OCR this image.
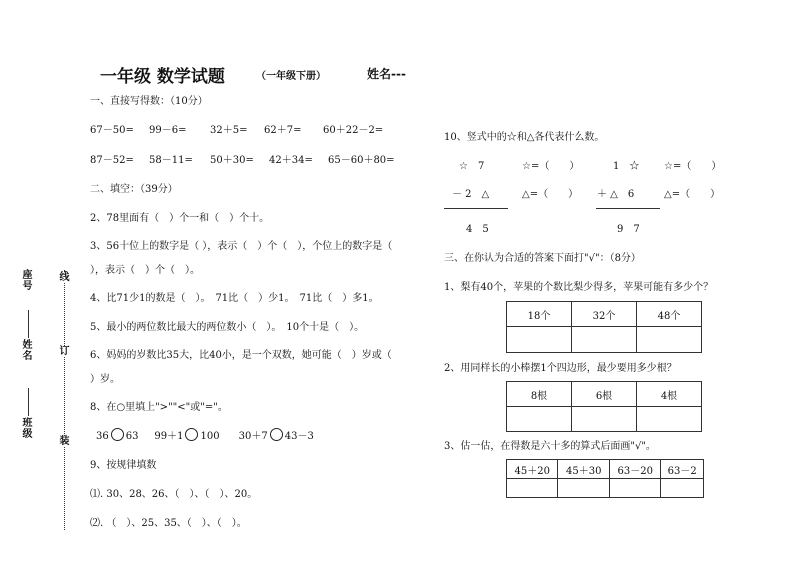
一年级 数学试题	（一年级下册）	姓名---
班级
姓名
座号
线
订
装
一、直接写得数：（10分）
67－50= 99－6= 32＋5= 62＋7= 60＋22－2=
87－52= 58－11= 50＋30= 42＋34= 65－60＋80=
二、填空：（39分）
2、78里面有（　）个一和（　）个十。
3、56十位上的数字是（ ），表示（　）个（　），个位上的数字是（
），表示（　）个（　）。
4、比71少1的数是（　）。　71比（　）少1。　71比（　）多1。
5、最小的两位数比最大的两位数小（　）。　10个十是（　）。
6、妈妈的岁数比35大，比40小，是一个双数，她可能（　）岁或（
）岁。
8、在○里填上">""<"或"="。
36 63 99＋1 100 30＋7 43－3
9、按规律填数
⑴. 30、28、26、（　）、（　）、20。
⑵. （　）、25、35、（　）、（　）。
10、竖式中的☆和△各代表什么数。
☆　7
－ 2　△
4　5
☆=（　　）
△=（　　）
1　☆
＋ △　6
9　7
☆=（　　）
△=（　　）
三、在你认为合适的答案下面打"√"：（8分）
1、梨有40个，苹果的个数比梨少得多，苹果可能有多少个？
18个	32个	48个

2、用同样长的小棒摆1个四边形，最少要用多少根？
8根	6根	4根

3、估一估，在得数是六十多的算式后面画"√"。
45＋20	45＋30	63－20	63－2
